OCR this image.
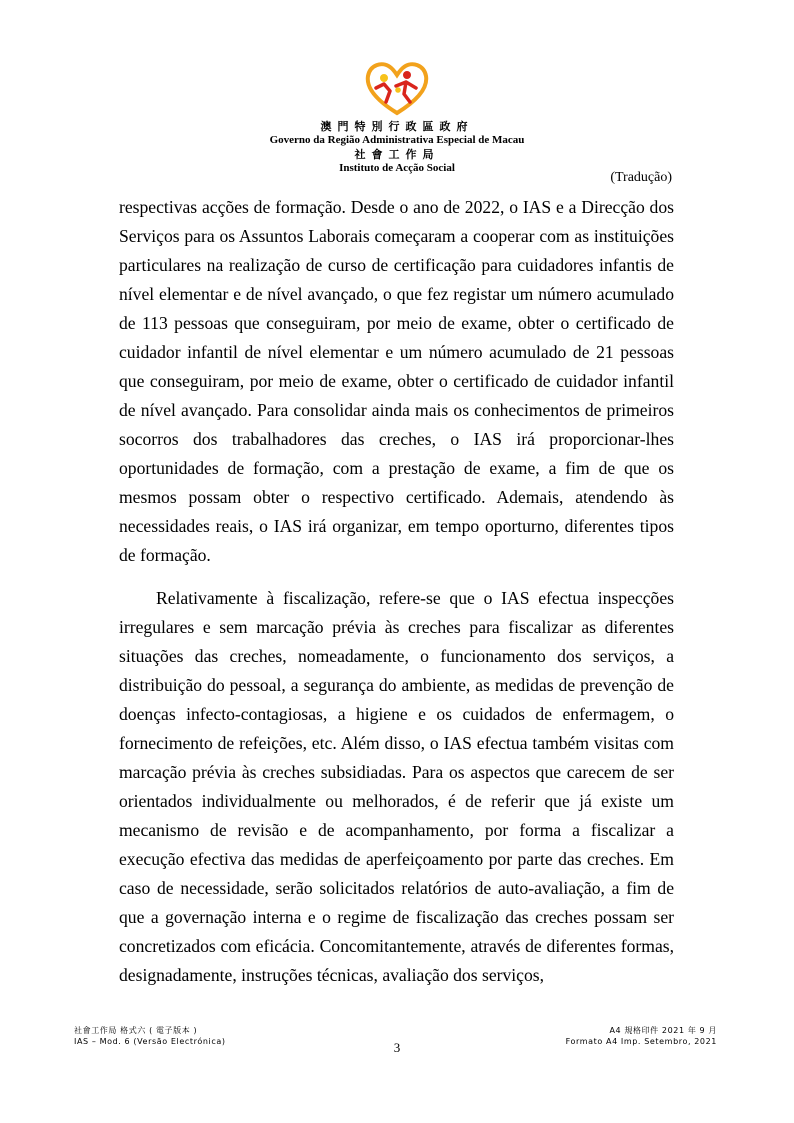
澳門特別行政區政府
Governo da Região Administrativa Especial de Macau
社會工作局
Instituto de Acção Social
(Tradução)

respectivas acções de formação. Desde o ano de 2022, o IAS e a Direcção dos Serviços para os Assuntos Laborais começaram a cooperar com as instituições particulares na realização de curso de certificação para cuidadores infantis de nível elementar e de nível avançado, o que fez registar um número acumulado de 113 pessoas que conseguiram, por meio de exame, obter o certificado de cuidador infantil de nível elementar e um número acumulado de 21 pessoas que conseguiram, por meio de exame, obter o certificado de cuidador infantil de nível avançado. Para consolidar ainda mais os conhecimentos de primeiros socorros dos trabalhadores das creches, o IAS irá proporcionar-lhes oportunidades de formação, com a prestação de exame, a fim de que os mesmos possam obter o respectivo certificado. Ademais, atendendo às necessidades reais, o IAS irá organizar, em tempo oporturno, diferentes tipos de formação.

Relativamente à fiscalização, refere-se que o IAS efectua inspecções irregulares e sem marcação prévia às creches para fiscalizar as diferentes situações das creches, nomeadamente, o funcionamento dos serviços, a distribuição do pessoal, a segurança do ambiente, as medidas de prevenção de doenças infecto-contagiosas, a higiene e os cuidados de enfermagem, o fornecimento de refeições, etc. Além disso, o IAS efectua também visitas com marcação prévia às creches subsidiadas. Para os aspectos que carecem de ser orientados individualmente ou melhorados, é de referir que já existe um mecanismo de revisão e de acompanhamento, por forma a fiscalizar a execução efectiva das medidas de aperfeiçoamento por parte das creches. Em caso de necessidade, serão solicitados relatórios de auto-avaliação, a fim de que a governação interna e o regime de fiscalização das creches possam ser concretizados com eficácia. Concomitantemente, através de diferentes formas, designadamente, instruções técnicas, avaliação dos serviços,

社會工作局 格式六 ( 電子版本 )
IAS – Mod. 6 (Versão Electrónica)	3
A4 規格印件 2021 年 9 月
Formato A4 Imp. Setembro, 2021
